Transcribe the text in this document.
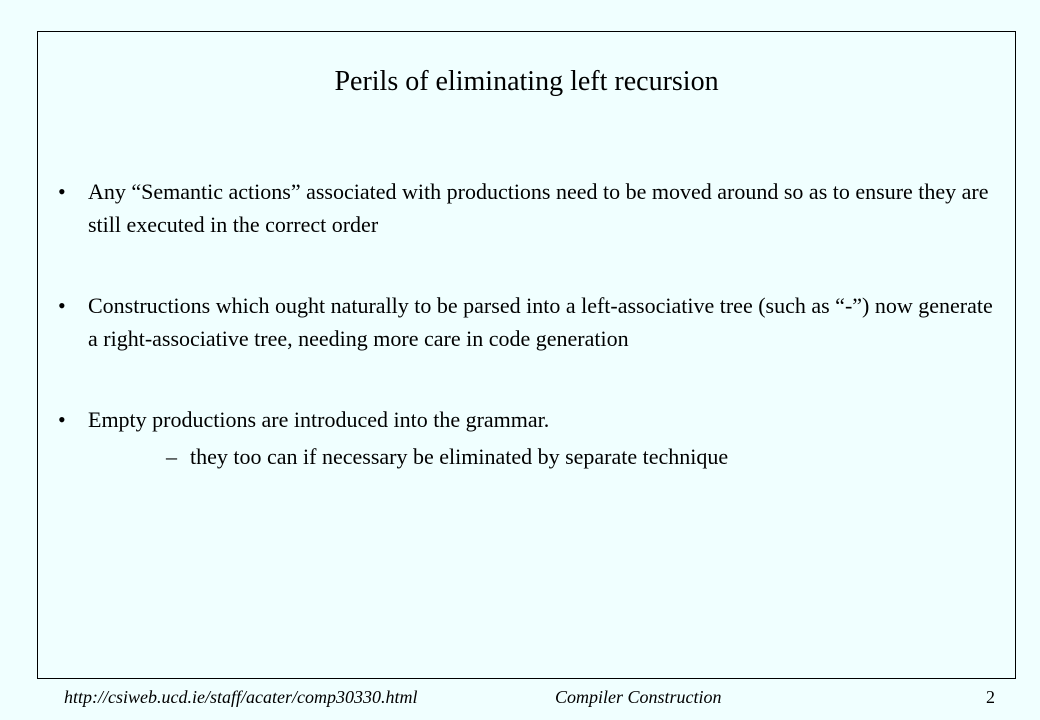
Perils of eliminating left recursion
• Any “Semantic actions” associated with productions need to be moved around so as to ensure they are still executed in the correct order
• Constructions which ought naturally to be parsed into a left-associative tree (such as “-”) now generate a right-associative tree, needing more care in code generation
• Empty productions are introduced into the grammar.
– they too can if necessary be eliminated by separate technique
http://csiweb.ucd.ie/staff/acater/comp30330.html	Compiler Construction	2
